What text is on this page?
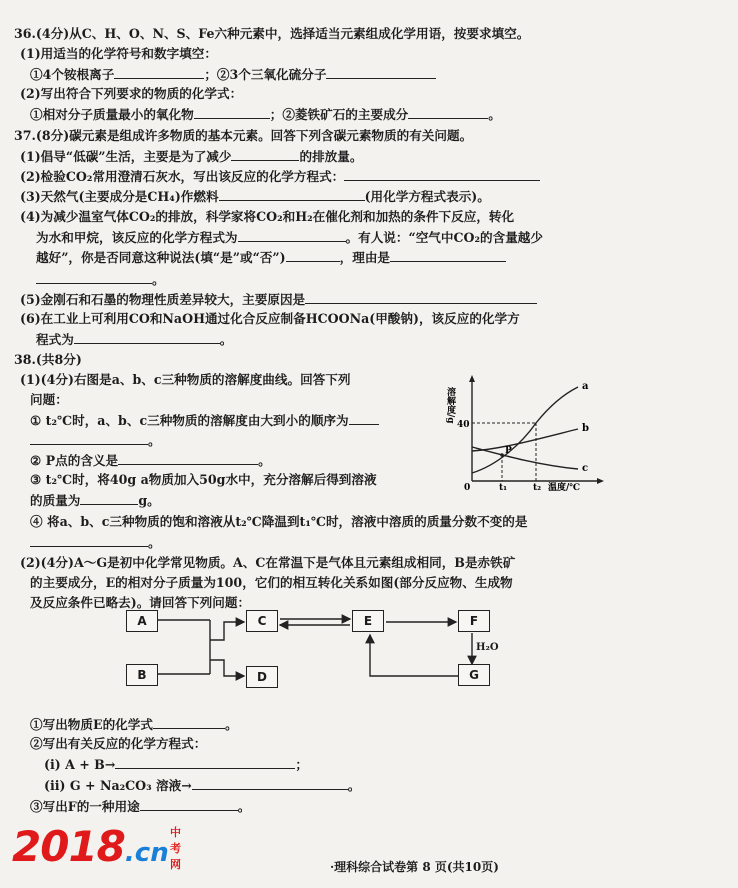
36.(4分)从C、H、O、N、S、Fe六种元素中，选择适当元素组成化学用语，按要求填空。
(1)用适当的化学符号和数字填空：
①4个铵根离子	；②3个三氧化硫分子
(2)写出符合下列要求的物质的化学式：
①相对分子质量最小的氧化物	；②菱铁矿石的主要成分	。
37.(8分)碳元素是组成许多物质的基本元素。回答下列含碳元素物质的有关问题。
(1)倡导“低碳”生活，主要是为了减少	的排放量。
(2)检验CO₂常用澄清石灰水，写出该反应的化学方程式：
(3)天然气(主要成分是CH₄)作燃料	(用化学方程式表示)。
(4)为减少温室气体CO₂的排放，科学家将CO₂和H₂在催化剂和加热的条件下反应，转化
为水和甲烷，该反应的化学方程式为	。有人说：“空气中CO₂的含量越少
越好”，你是否同意这种说法(填“是”或“否”)	，理由是
。
(5)金刚石和石墨的物理性质差异较大，主要原因是
(6)在工业上可利用CO和NaOH通过化合反应制备HCOONa(甲酸钠)，该反应的化学方
程式为	。
38.(共8分)
(1)(4分)右图是a、b、c三种物质的溶解度曲线。回答下列
问题：
① t₂℃时，a、b、c三种物质的溶解度由大到小的顺序为
。
② P点的含义是	。
③ t₂℃时，将40g a物质加入50g水中，充分溶解后得到溶液
的质量为	g。
④ 将a、b、c三种物质的饱和溶液从t₂℃降温到t₁℃时，溶液中溶质的质量分数不变的是
。
(2)(4分)A～G是初中化学常见物质。A、C在常温下是气体且元素组成相同，B是赤铁矿
的主要成分，E的相对分子质量为100，它们的相互转化关系如图(部分反应物、生成物
及反应条件已略去)。请回答下列问题：
溶解度/g
40
0	t₁	t₂ 温度/℃
a
b
c
P
A
B
C
D
E	F
G
H₂O
①写出物质E的化学式	。
②写出有关反应的化学方程式：
(i) A + B→	；
(ii) G + Na₂CO₃ 溶液→	。
③写出F的一种用途	。
·理科综合试卷第 8 页(共10页)
2018.cn
中考网
